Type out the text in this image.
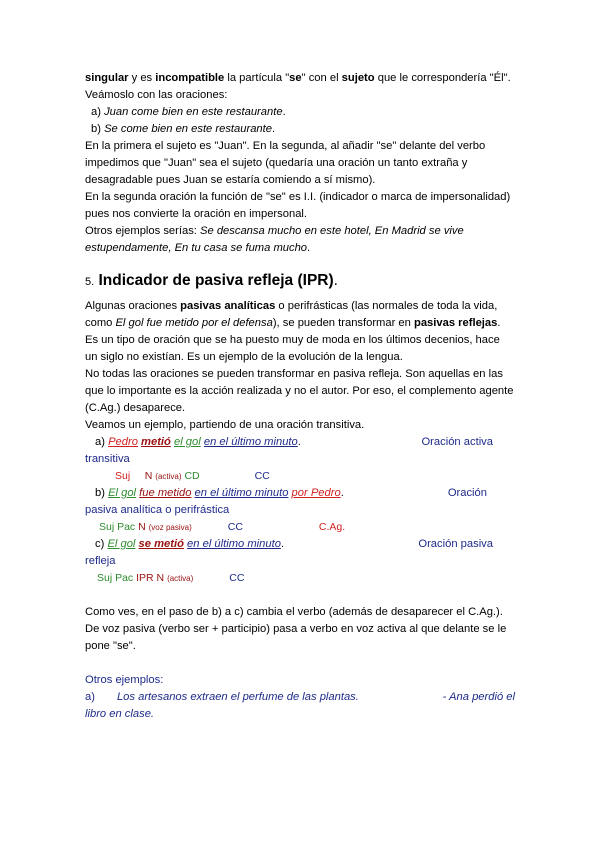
singular y es incompatible la partícula "se" con el sujeto que le correspondería "Él".

Veámoslo con las oraciones:

a) Juan come bien en este restaurante.

b) Se come bien en este restaurante.

En la primera el sujeto es "Juan". En la segunda, al añadir "se" delante del verbo impedimos que "Juan" sea el sujeto (quedaría una oración un tanto extraña y desagradable pues Juan se estaría comiendo a sí mismo).

En la segunda oración la función de "se" es I.I. (indicador o marca de impersonalidad) pues nos convierte la oración en impersonal.

Otros ejemplos serías: Se descansa mucho en este hotel, En Madrid se vive estupendamente, En tu casa se fuma mucho.

5. Indicador de pasiva refleja (IPR).

Algunas oraciones pasivas analíticas o perifrásticas (las normales de toda la vida, como El gol fue metido por el defensa), se pueden transformar en pasivas reflejas. Es un tipo de oración que se ha puesto muy de moda en los últimos decenios, hace un siglo no existían. Es un ejemplo de la evolución de la lengua.

No todas las oraciones se pueden transformar en pasiva refleja. Son aquellas en las que lo importante es la acción realizada y no el autor. Por eso, el complemento agente (C.Ag.) desaparece.

Veamos un ejemplo, partiendo de una oración transitiva.

a) Pedro metió el gol en el último minuto.	Oración activa

transitiva

Suj N (activa) CD	CC

b) El gol fue metido en el último minuto por Pedro.	Oración

pasiva analítica o perifrástica

Suj Pac N (voz pasiva)	CC	C.Ag.

c) El gol se metió en el último minuto.	Oración pasiva

refleja

Suj Pac IPR N (activa)	CC

Como ves, en el paso de b) a c) cambia el verbo (además de desaparecer el C.Ag.). De voz pasiva (verbo ser + participio) pasa a verbo en voz activa al que delante se le pone "se".

Otros ejemplos:

a) Los artesanos extraen el perfume de las plantas.	- Ana perdió el

libro en clase.
